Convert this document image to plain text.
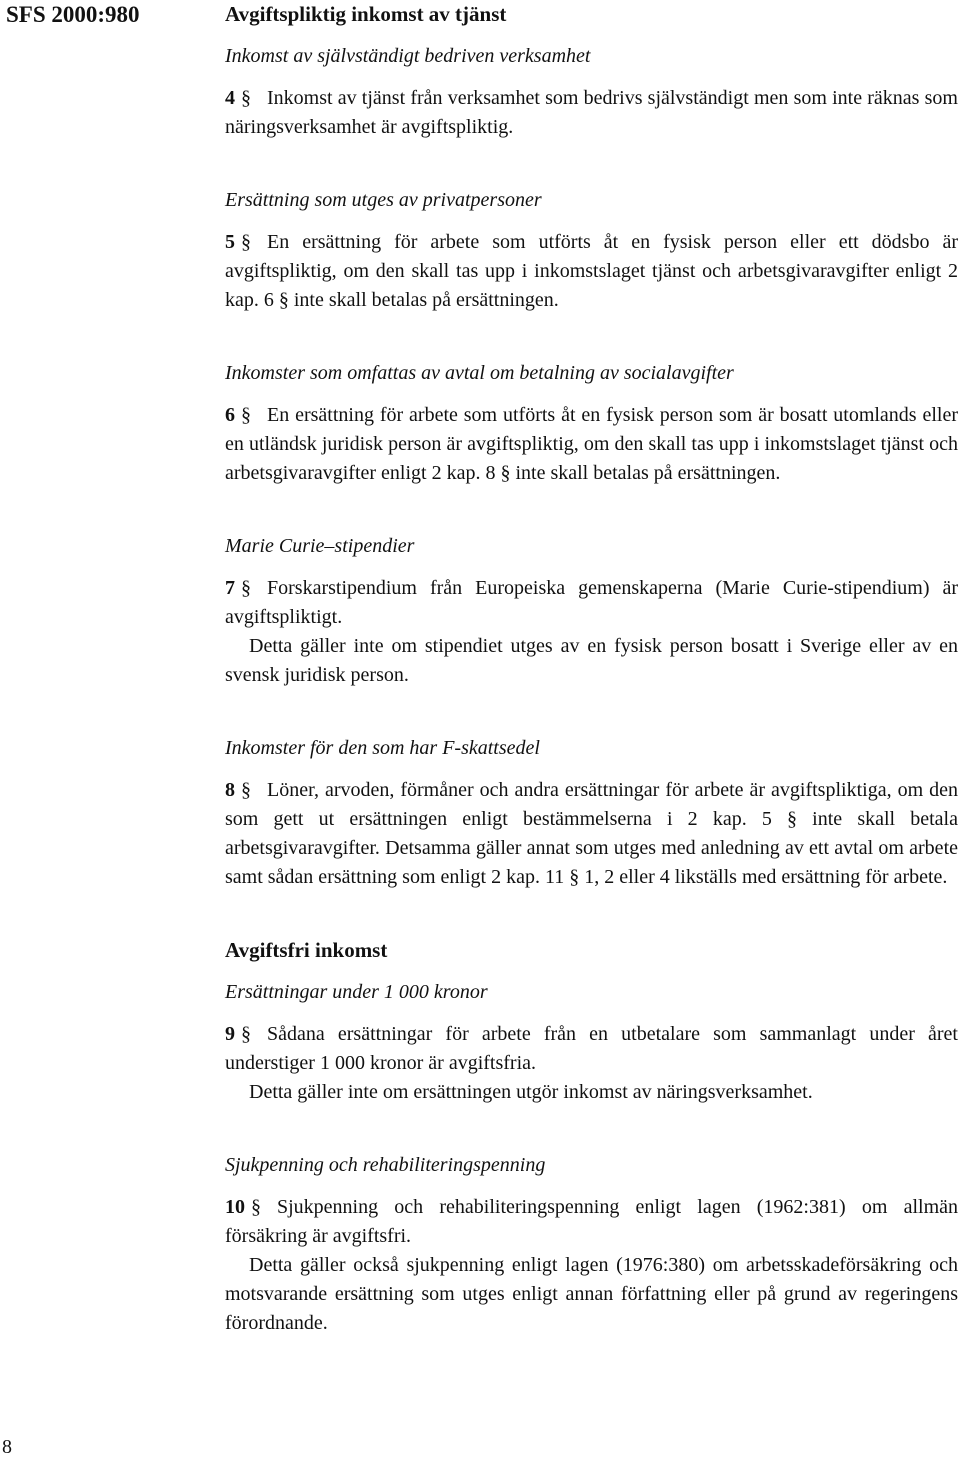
SFS 2000:980	Avgiftspliktig inkomst av tjänst
Inkomst av självständigt bedriven verksamhet

4 § Inkomst av tjänst från verksamhet som bedrivs självständigt men som inte räknas som näringsverksamhet är avgiftspliktig.

Ersättning som utges av privatpersoner

5 § En ersättning för arbete som utförts åt en fysisk person eller ett dödsbo är avgiftspliktig, om den skall tas upp i inkomstslaget tjänst och arbetsgivaravgifter enligt 2 kap. 6 § inte skall betalas på ersättningen.

Inkomster som omfattas av avtal om betalning av socialavgifter

6 § En ersättning för arbete som utförts åt en fysisk person som är bosatt utomlands eller en utländsk juridisk person är avgiftspliktig, om den skall tas upp i inkomstslaget tjänst och arbetsgivaravgifter enligt 2 kap. 8 § inte skall betalas på ersättningen.

Marie Curie–stipendier

7 § Forskarstipendium från Europeiska gemenskaperna (Marie Curie-stipendium) är avgiftspliktigt.

Detta gäller inte om stipendiet utges av en fysisk person bosatt i Sverige eller av en svensk juridisk person.

Inkomster för den som har F-skattsedel

8 § Löner, arvoden, förmåner och andra ersättningar för arbete är avgiftspliktiga, om den som gett ut ersättningen enligt bestämmelserna i 2 kap. 5 § inte skall betala arbetsgivaravgifter. Detsamma gäller annat som utges med anledning av ett avtal om arbete samt sådan ersättning som enligt 2 kap. 11 § 1, 2 eller 4 likställs med ersättning för arbete.

Avgiftsfri inkomst
Ersättningar under 1 000 kronor

9 § Sådana ersättningar för arbete från en utbetalare som sammanlagt under året understiger 1 000 kronor är avgiftsfria.

Detta gäller inte om ersättningen utgör inkomst av näringsverksamhet.

Sjukpenning och rehabiliteringspenning

10 § Sjukpenning och rehabiliteringspenning enligt lagen (1962:381) om allmän försäkring är avgiftsfri.

Detta gäller också sjukpenning enligt lagen (1976:380) om arbetsskadeförsäkring och motsvarande ersättning som utges enligt annan författning eller på grund av regeringens förordnande.

8
